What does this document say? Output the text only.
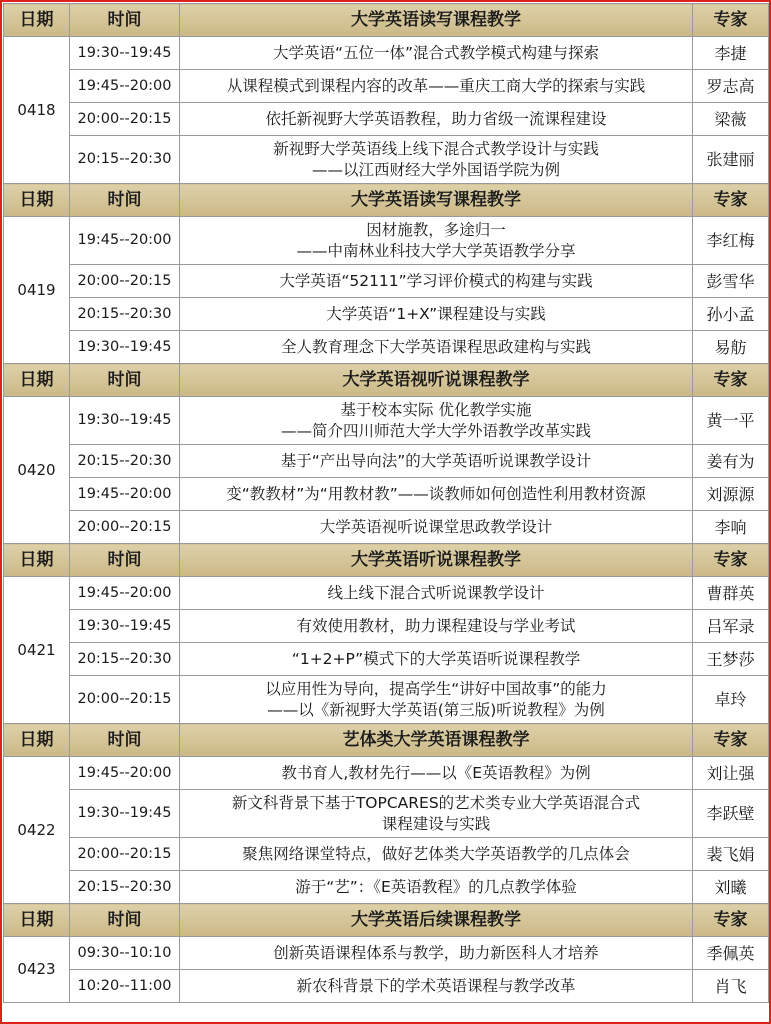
日期	时间	大学英语读写课程教学	专家
0418	19:30--19:45	大学英语“五位一体”混合式教学模式构建与探索	李捷
	19:45--20:00	从课程模式到课程内容的改革——重庆工商大学的探索与实践	罗志高
	20:00--20:15	依托新视野大学英语教程，助力省级一流课程建设	梁薇
	20:15--20:30	新视野大学英语线上线下混合式教学设计与实践
——以江西财经大学外国语学院为例	张建丽
日期	时间	大学英语读写课程教学	专家
0419	19:45--20:00	因材施教，多途归一
——中南林业科技大学大学英语教学分享	李红梅
	20:00--20:15	大学英语“52111”学习评价模式的构建与实践	彭雪华
	20:15--20:30	大学英语“1+X”课程建设与实践	孙小孟
	19:30--19:45	全人教育理念下大学英语课程思政建构与实践	易舫
日期	时间	大学英语视听说课程教学	专家
0420	19:30--19:45	基于校本实际 优化教学实施
——简介四川师范大学大学外语教学改革实践	黄一平
	20:15--20:30	基于“产出导向法”的大学英语听说课教学设计	姜有为
	19:45--20:00	变“教教材”为“用教材教”——谈教师如何创造性利用教材资源	刘源源
	20:00--20:15	大学英语视听说课堂思政教学设计	李响
日期	时间	大学英语听说课程教学	专家
0421	19:45--20:00	线上线下混合式听说课教学设计	曹群英
	19:30--19:45	有效使用教材，助力课程建设与学业考试	吕军录
	20:15--20:30	“1+2+P”模式下的大学英语听说课程教学	王梦莎
	20:00--20:15	以应用性为导向，提高学生“讲好中国故事”的能力
——以《新视野大学英语(第三版)听说教程》为例	卓玲
日期	时间	艺体类大学英语课程教学	专家
0422	19:45--20:00	教书育人,教材先行——以《E英语教程》为例	刘让强
	19:30--19:45	新文科背景下基于TOPCARES的艺术类专业大学英语混合式
课程建设与实践	李跃壁
	20:00--20:15	聚焦网络课堂特点，做好艺体类大学英语教学的几点体会	裴飞娟
	20:15--20:30	游于“艺”：《E英语教程》的几点教学体验	刘曦
日期	时间	大学英语后续课程教学	专家
0423	09:30--10:10	创新英语课程体系与教学，助力新医科人才培养	季佩英
	10:20--11:00	新农科背景下的学术英语课程与教学改革	肖飞
